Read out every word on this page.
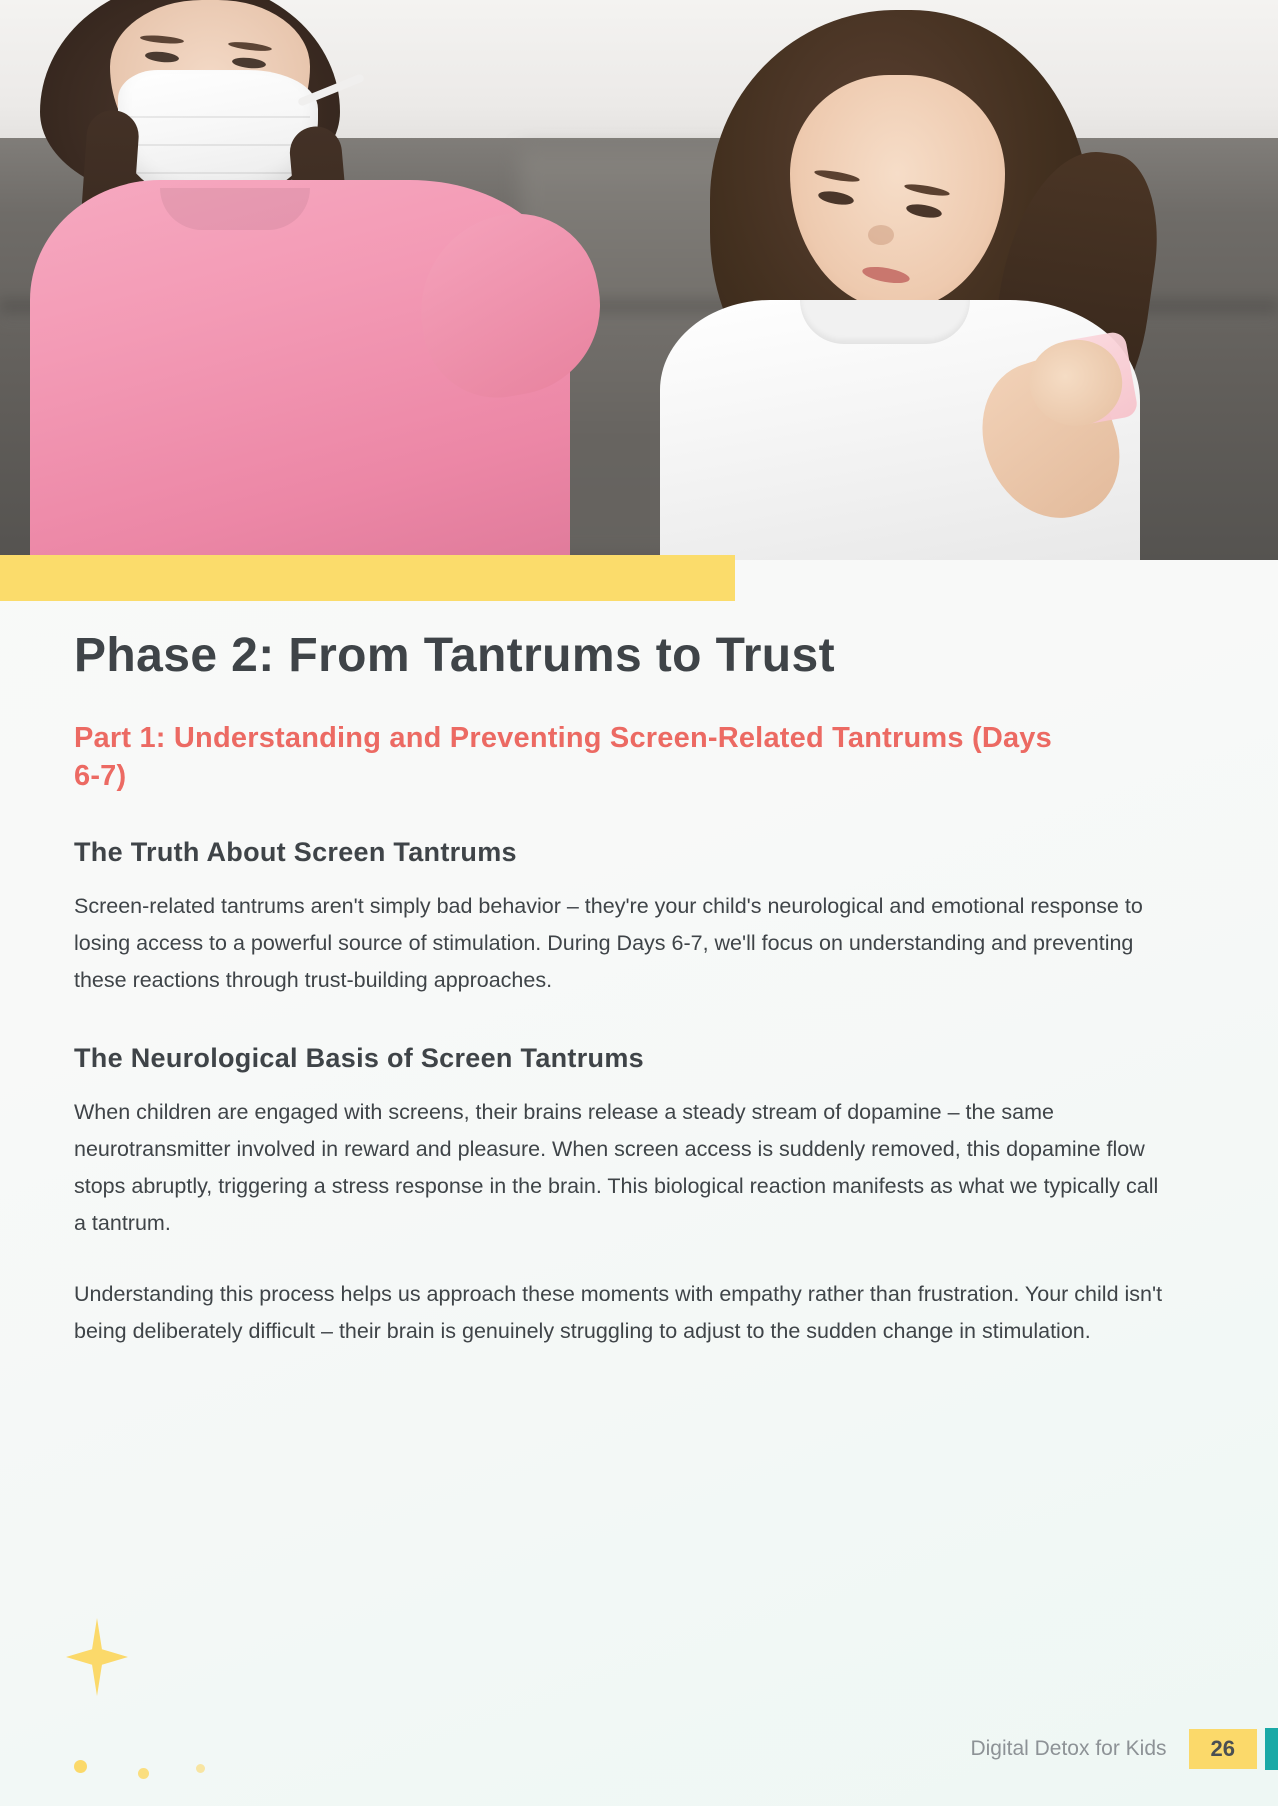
Phase 2: From Tantrums to Trust
Part 1: Understanding and Preventing Screen-Related Tantrums (Days 6-7)
The Truth About Screen Tantrums

Screen-related tantrums aren't simply bad behavior – they're your child's neurological and emotional response to losing access to a powerful source of stimulation. During Days 6-7, we'll focus on understanding and preventing these reactions through trust-building approaches.

The Neurological Basis of Screen Tantrums

When children are engaged with screens, their brains release a steady stream of dopamine – the same neurotransmitter involved in reward and pleasure. When screen access is suddenly removed, this dopamine flow stops abruptly, triggering a stress response in the brain. This biological reaction manifests as what we typically call a tantrum.

Understanding this process helps us approach these moments with empathy rather than frustration. Your child isn't being deliberately difficult – their brain is genuinely struggling to adjust to the sudden change in stimulation.

Digital Detox for Kids	26
